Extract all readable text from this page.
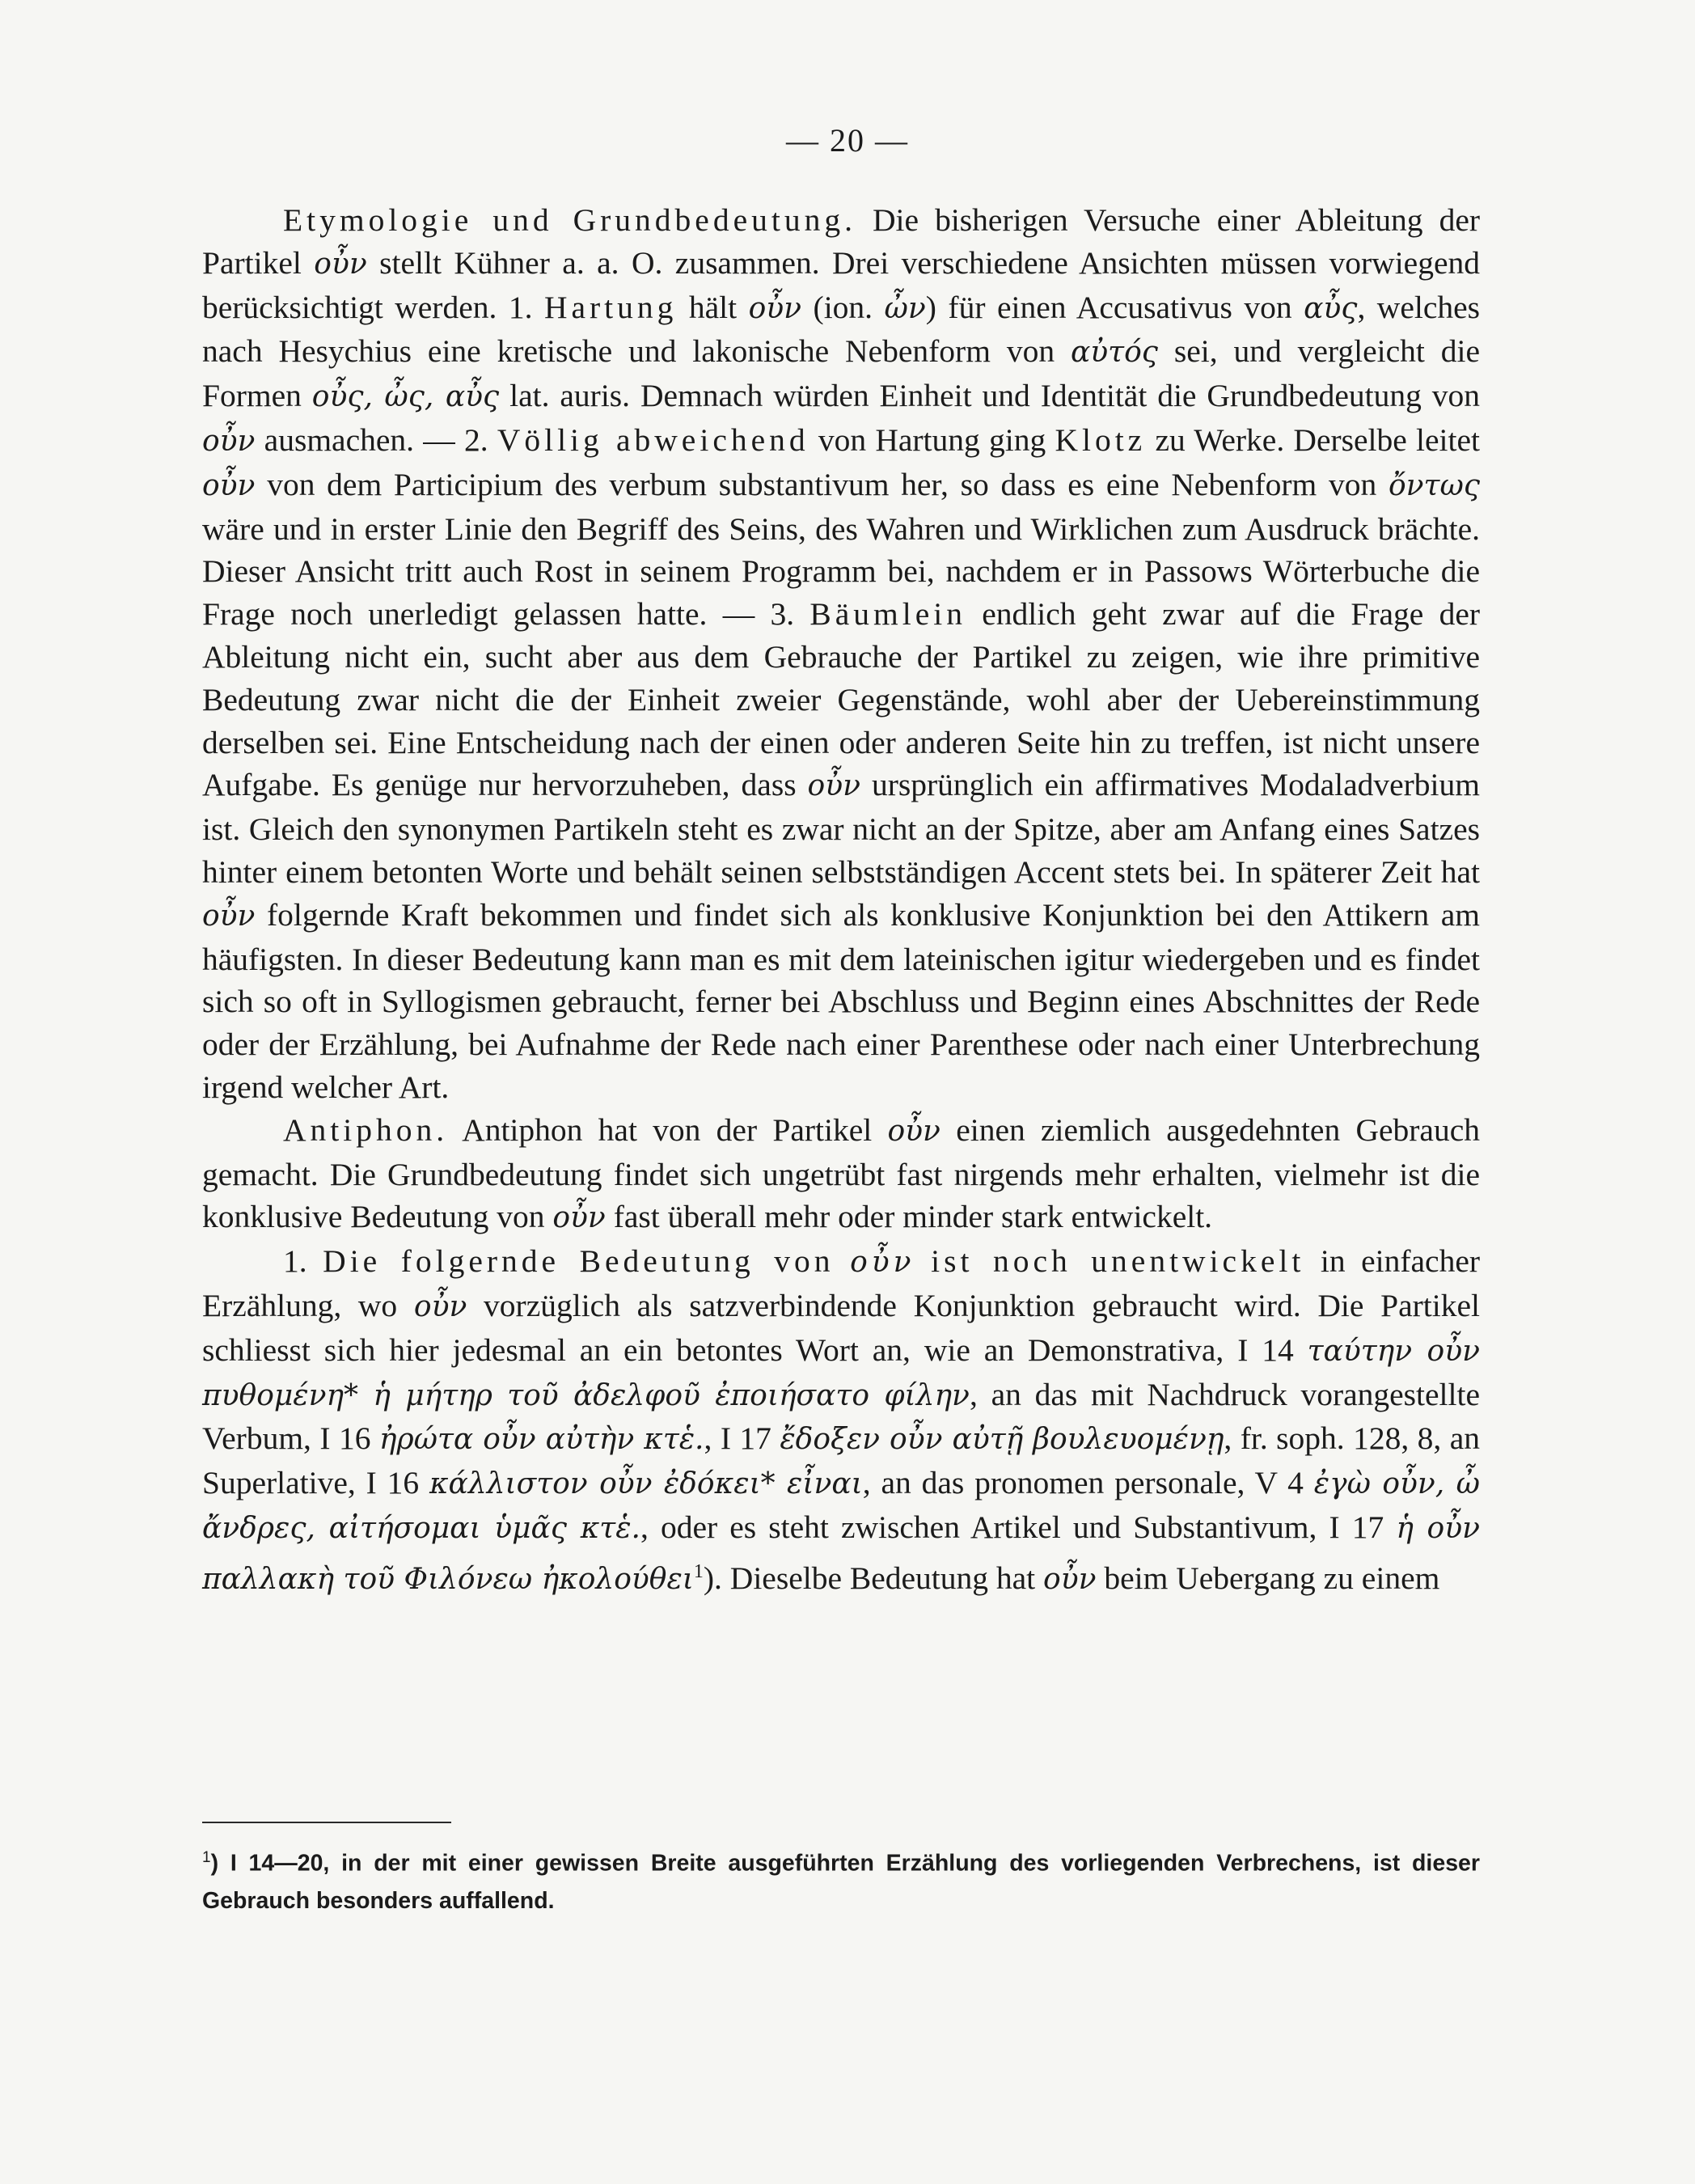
— 20 —

Etymologie und Grundbedeutung. Die bisherigen Versuche einer Ableitung der Partikel οὖν stellt Kühner a. a. O. zusammen. Drei verschiedene Ansichten müssen vorwiegend berücksichtigt werden. 1. Hartung hält οὖν (ion. ὦν) für einen Accusativus von αὖς, welches nach Hesychius eine kretische und lakonische Nebenform von αὐτός sei, und vergleicht die Formen οὖς, ὦς, αὖς lat. auris. Demnach würden Einheit und Identität die Grundbedeutung von οὖν ausmachen. — 2. Völlig abweichend von Hartung ging Klotz zu Werke. Derselbe leitet οὖν von dem Participium des verbum substantivum her, so dass es eine Nebenform von ὄντως wäre und in erster Linie den Begriff des Seins, des Wahren und Wirklichen zum Ausdruck brächte. Dieser Ansicht tritt auch Rost in seinem Programm bei, nachdem er in Passows Wörterbuche die Frage noch unerledigt gelassen hatte. — 3. Bäumlein endlich geht zwar auf die Frage der Ableitung nicht ein, sucht aber aus dem Gebrauche der Partikel zu zeigen, wie ihre primitive Bedeutung zwar nicht die der Einheit zweier Gegenstände, wohl aber der Uebereinstimmung derselben sei. Eine Entscheidung nach der einen oder anderen Seite hin zu treffen, ist nicht unsere Aufgabe. Es genüge nur hervorzuheben, dass οὖν ursprünglich ein affirmatives Modaladverbium ist. Gleich den synonymen Partikeln steht es zwar nicht an der Spitze, aber am Anfang eines Satzes hinter einem betonten Worte und behält seinen selbstständigen Accent stets bei. In späterer Zeit hat οὖν folgernde Kraft bekommen und findet sich als konklusive Konjunktion bei den Attikern am häufigsten. In dieser Bedeutung kann man es mit dem lateinischen igitur wiedergeben und es findet sich so oft in Syllogismen gebraucht, ferner bei Abschluss und Beginn eines Abschnittes der Rede oder der Erzählung, bei Aufnahme der Rede nach einer Parenthese oder nach einer Unterbrechung irgend welcher Art.

Antiphon. Antiphon hat von der Partikel οὖν einen ziemlich ausgedehnten Gebrauch gemacht. Die Grundbedeutung findet sich ungetrübt fast nirgends mehr erhalten, vielmehr ist die konklusive Bedeutung von οὖν fast überall mehr oder minder stark entwickelt.

1. Die folgernde Bedeutung von οὖν ist noch unentwickelt in einfacher Erzählung, wo οὖν vorzüglich als satzverbindende Konjunktion gebraucht wird. Die Partikel schliesst sich hier jedesmal an ein betontes Wort an, wie an Demonstrativa, I 14 ταύτην οὖν πυθομένη* ἡ μήτηρ τοῦ ἀδελφοῦ ἐποιήσατο φίλην, an das mit Nachdruck vorangestellte Verbum, I 16 ἠρώτα οὖν αὐτὴν κτἑ., I 17 ἔδοξεν οὖν αὐτῇ βουλευομένῃ, fr. soph. 128, 8, an Superlative, I 16 κάλλιστον οὖν ἐδόκει* εἶναι, an das pronomen personale, V 4 ἐγὼ οὖν, ὦ ἄνδρες, αἰτήσομαι ὑμᾶς κτἑ., oder es steht zwischen Artikel und Substantivum, I 17 ἡ οὖν παλλακὴ τοῦ Φιλόνεω ἠκολούθει$^1$). Dieselbe Bedeutung hat οὖν beim Uebergang zu einem

$^1$) I 14—20, in der mit einer gewissen Breite ausgeführten Erzählung des vorliegenden Verbrechens, ist dieser Gebrauch besonders auffallend.
